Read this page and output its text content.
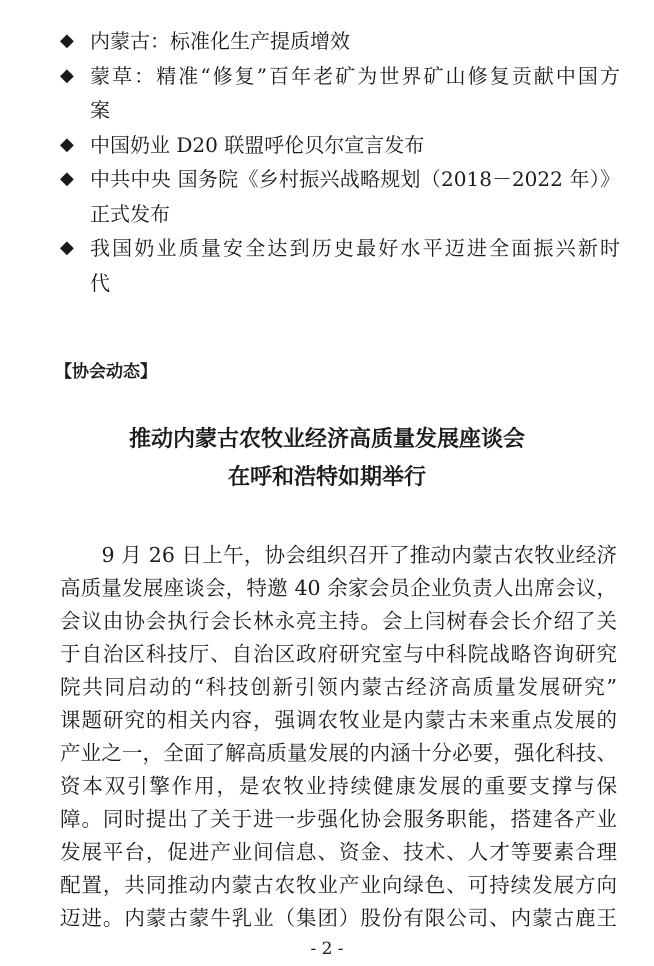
◆ 内蒙古：标准化生产提质增效
◆ 蒙草：精准“修复”百年老矿为世界矿山修复贡献中国方
案
◆ 中国奶业 D20 联盟呼伦贝尔宣言发布
◆ 中共中央 国务院《乡村振兴战略规划（2018－2022 年）》
正式发布
◆ 我国奶业质量安全达到历史最好水平迈进全面振兴新时
代
【协会动态】
推动内蒙古农牧业经济高质量发展座谈会
在呼和浩特如期举行
　　9 月 26 日上午，协会组织召开了推动内蒙古农牧业经济
高质量发展座谈会，特邀 40 余家会员企业负责人出席会议，
会议由协会执行会长林永亮主持。会上闫树春会长介绍了关
于自治区科技厅、自治区政府研究室与中科院战略咨询研究
院共同启动的“科技创新引领内蒙古经济高质量发展研究”
课题研究的相关内容，强调农牧业是内蒙古未来重点发展的
产业之一，全面了解高质量发展的内涵十分必要，强化科技、
资本双引擎作用，是农牧业持续健康发展的重要支撑与保
障。同时提出了关于进一步强化协会服务职能，搭建各产业
发展平台，促进产业间信息、资金、技术、人才等要素合理
配置，共同推动内蒙古农牧业产业向绿色、可持续发展方向
迈进。内蒙古蒙牛乳业（集团）股份有限公司、内蒙古鹿王
- 2 -
